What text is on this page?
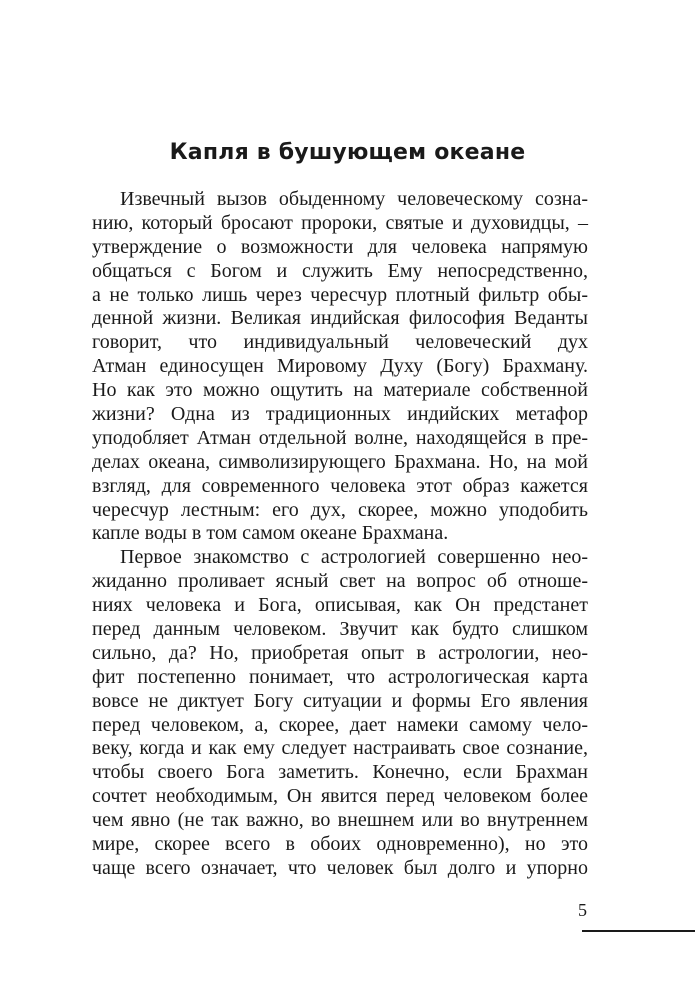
Капля в бушующем океане

Извечный вызов обыденному человеческому созна-
нию, который бросают пророки, святые и духовидцы, –
утверждение о возможности для человека напрямую
общаться с Богом и служить Ему непосредственно,
а не только лишь через чересчур плотный фильтр обы-
денной жизни. Великая индийская философия Веданты
говорит, что индивидуальный человеческий дух
Атман единосущен Мировому Духу (Богу) Брахману.
Но как это можно ощутить на материале собственной
жизни? Одна из традиционных индийских метафор
уподобляет Атман отдельной волне, находящейся в пре-
делах океана, символизирующего Брахмана. Но, на мой
взгляд, для современного человека этот образ кажется
чересчур лестным: его дух, скорее, можно уподобить
капле воды в том самом океане Брахмана.

Первое знакомство с астрологией совершенно нео-
жиданно проливает ясный свет на вопрос об отноше-
ниях человека и Бога, описывая, как Он предстанет
перед данным человеком. Звучит как будто слишком
сильно, да? Но, приобретая опыт в астрологии, нео-
фит постепенно понимает, что астрологическая карта
вовсе не диктует Богу ситуации и формы Его явления
перед человеком, а, скорее, дает намеки самому чело-
веку, когда и как ему следует настраивать свое сознание,
чтобы своего Бога заметить. Конечно, если Брахман
сочтет необходимым, Он явится перед человеком более
чем явно (не так важно, во внешнем или во внутреннем
мире, скорее всего в обоих одновременно), но это
чаще всего означает, что человек был долго и упорно

5
